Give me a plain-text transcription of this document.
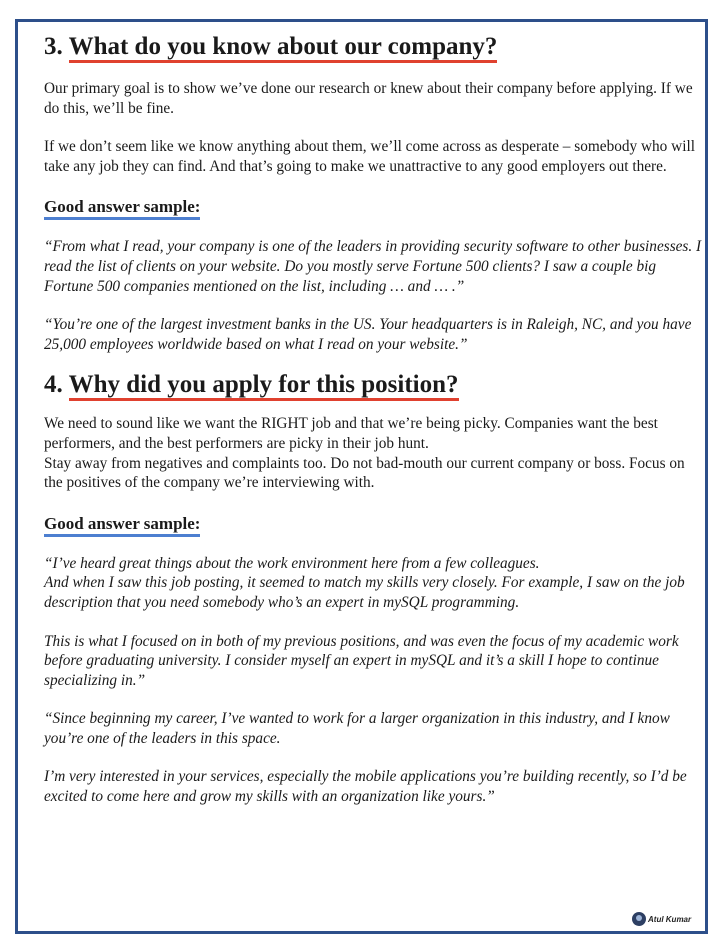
3. What do you know about our company?

Our primary goal is to show we’ve done our research or knew about their company before applying. If we do this, we’ll be fine.

If we don’t seem like we know anything about them, we’ll come across as desperate – somebody who will take any job they can find. And that’s going to make we unattractive to any good employers out there.

Good answer sample:

“From what I read, your company is one of the leaders in providing security software to other businesses. I read the list of clients on your website. Do you mostly serve Fortune 500 clients? I saw a couple big Fortune 500 companies mentioned on the list, including … and … .”

“You’re one of the largest investment banks in the US. Your headquarters is in Raleigh, NC, and you have 25,000 employees worldwide based on what I read on your website.”

4. Why did you apply for this position?

We need to sound like we want the RIGHT job and that we’re being picky. Companies want the best performers, and the best performers are picky in their job hunt.

Stay away from negatives and complaints too. Do not bad-mouth our current company or boss. Focus on the positives of the company we’re interviewing with.

Good answer sample:

“I’ve heard great things about the work environment here from a few colleagues.

And when I saw this job posting, it seemed to match my skills very closely. For example, I saw on the job description that you need somebody who’s an expert in mySQL programming.

This is what I focused on in both of my previous positions, and was even the focus of my academic work before graduating university. I consider myself an expert in mySQL and it’s a skill I hope to continue specializing in.”

“Since beginning my career, I’ve wanted to work for a larger organization in this industry, and I know you’re one of the leaders in this space.

I’m very interested in your services, especially the mobile applications you’re building recently, so I’d be excited to come here and grow my skills with an organization like yours.”

Atul Kumar
